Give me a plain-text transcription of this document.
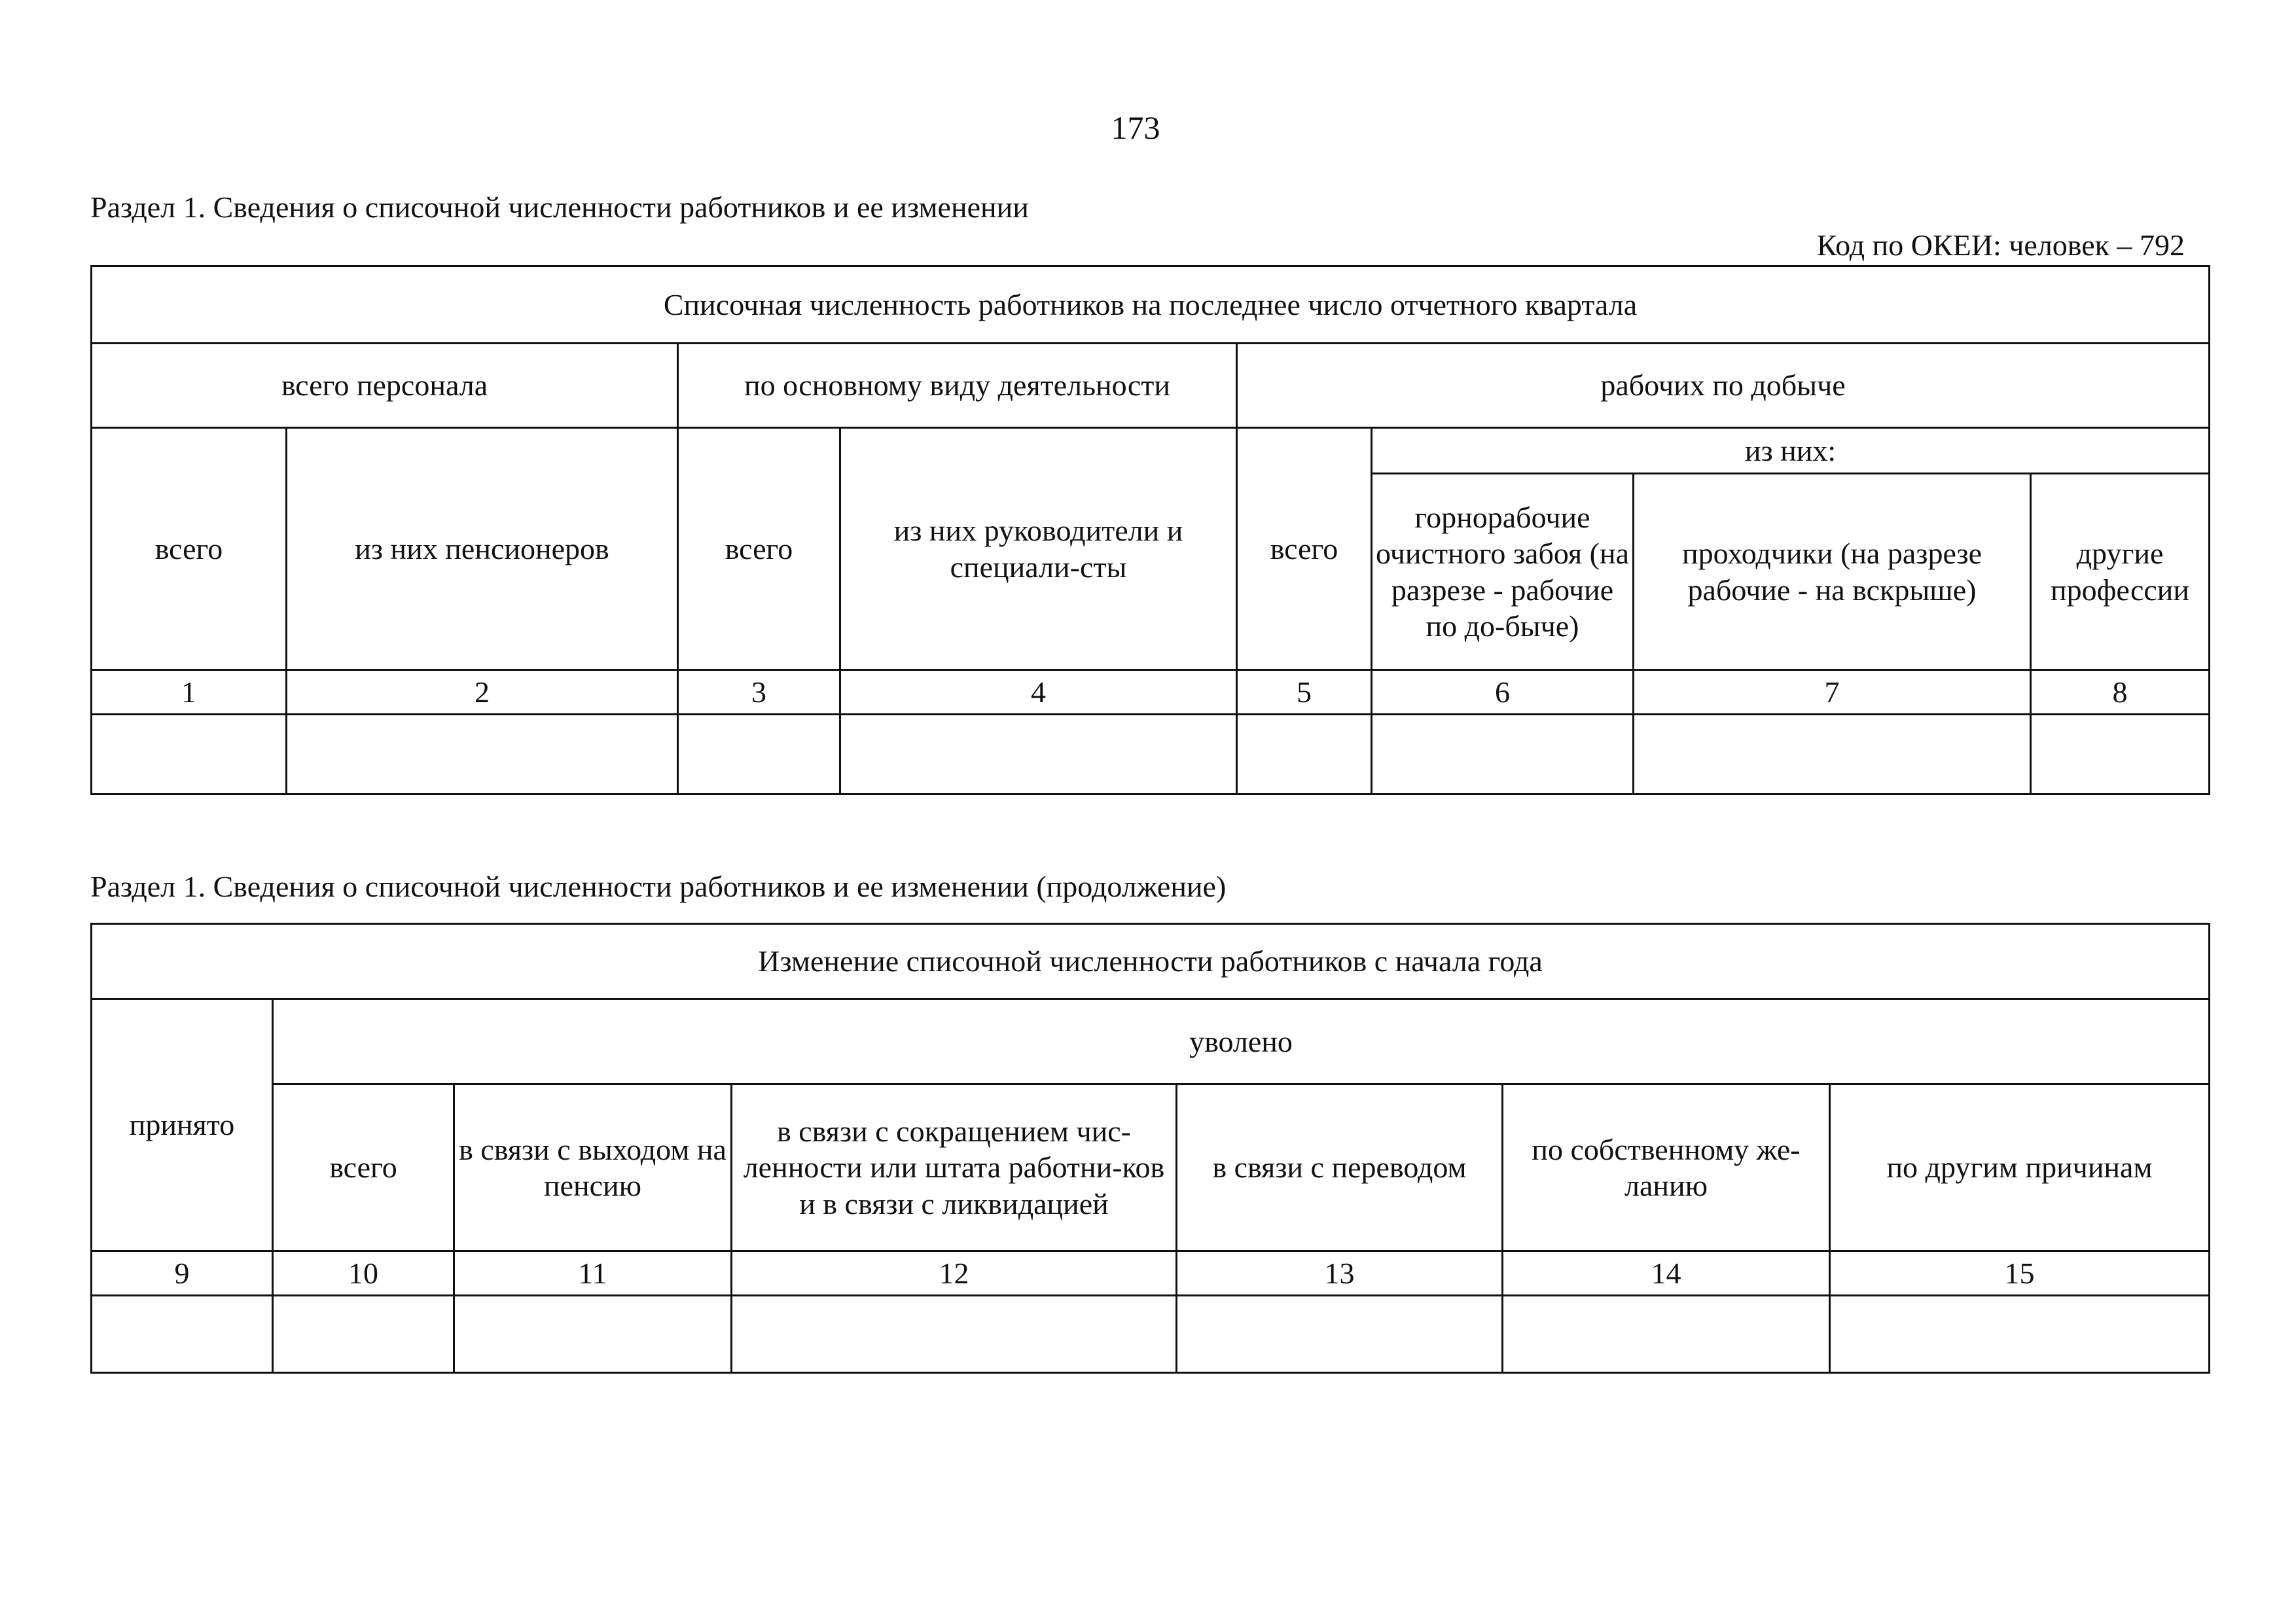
173
Раздел 1. Сведения о списочной численности работников и ее изменении
Код по ОКЕИ: человек – 792
Списочная численность работников на последнее число отчетного квартала							
всего персонала		по основному виду деятельности		рабочих по добыче			
всего	из них пенсионеров	всего	из них руководители и специали-сты	всего	из них:		
					горнорабочие очистного забоя (на разрезе - рабочие по до-быче)	проходчики (на разрезе рабочие - на вскрыше)	другие профессии
1	2	3	4	5	6	7	8

Раздел 1. Сведения о списочной численности работников и ее изменении (продолжение)
Изменение списочной численности работников с начала года						
принято	уволено					
	всего	в связи с выходом на пенсию	в связи с сокращением чис-ленности или штата работни-ков и в связи с ликвидацией	в связи с переводом	по собственному же-ланию	по другим причинам
9	10	11	12	13	14	15
